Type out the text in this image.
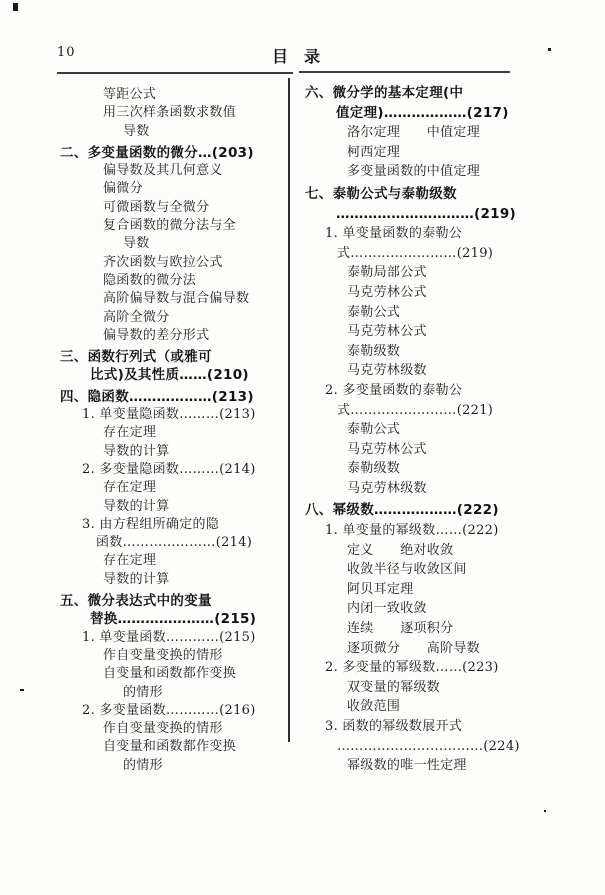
10	目　录
等距公式
用三次样条函数求数值
导数
二、多变量函数的微分…(203)
偏导数及其几何意义
偏微分
可微函数与全微分
复合函数的微分法与全
导数
齐次函数与欧拉公式
隐函数的微分法
高阶偏导数与混合偏导数
高阶全微分
偏导数的差分形式
三、函数行列式（或雅可
比式)及其性质……(210)
四、隐函数………………(213)
1. 单变量隐函数………(213)
存在定理
导数的计算
2. 多变量隐函数………(214)
存在定理
导数的计算
3. 由方程组所确定的隐
函数…………………(214)
存在定理
导数的计算
五、微分表达式中的变量
替换…………………(215)
1. 单变量函数…………(215)
作自变量变换的情形
自变量和函数都作变换
的情形
2. 多变量函数…………(216)
作自变量变换的情形
自变量和函数都作变换
的情形
六、微分学的基本定理(中
值定理)………………(217)
洛尔定理　　中值定理
柯西定理
多变量函数的中值定理
七、泰勒公式与泰勒级数
…………………………(219)
1. 单变量函数的泰勒公
式……………………(219)
泰勒局部公式
马克劳林公式
泰勒公式
马克劳林公式
泰勒级数
马克劳林级数
2. 多变量函数的泰勒公
式……………………(221)
泰勒公式
马克劳林公式
泰勒级数
马克劳林级数
八、幂级数………………(222)
1. 单变量的幂级数……(222)
定义　　绝对收敛
收敛半径与收敛区间
阿贝耳定理
内闭一致收敛
连续　　逐项积分
逐项微分　　高阶导数
2. 多变量的幂级数……(223)
双变量的幂级数
收敛范围
3. 函数的幂级数展开式
……………………………(224)
幂级数的唯一性定理
